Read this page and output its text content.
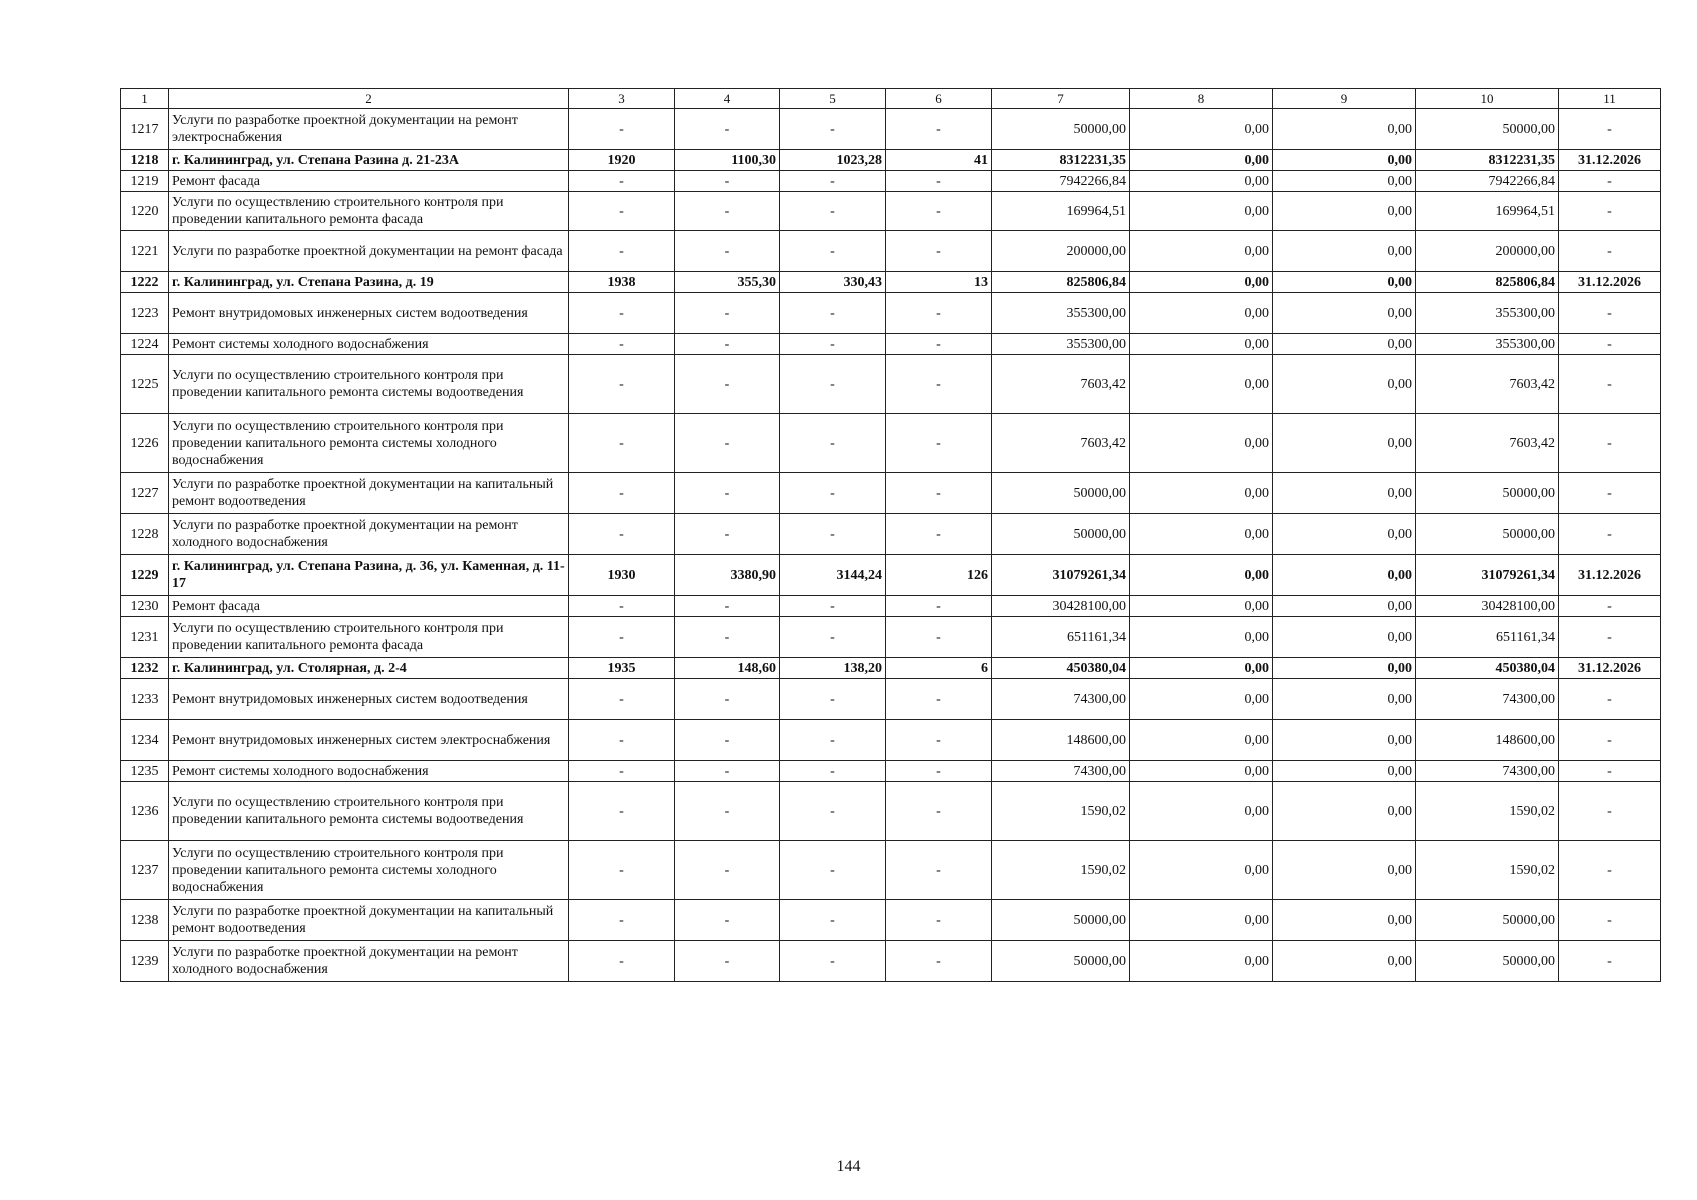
1	2	3	4	5	6	7	8	9	10	11
1217	Услуги по разработке проектной документации на ремонт электроснабжения	-	-	-	-	50000,00	0,00	0,00	50000,00	-
1218	г. Калининград, ул. Степана Разина д. 21-23А	1920	1100,30	1023,28	41	8312231,35	0,00	0,00	8312231,35	31.12.2026
1219	Ремонт фасада	-	-	-	-	7942266,84	0,00	0,00	7942266,84	-
1220	Услуги по осуществлению строительного контроля при проведении капитального ремонта фасада	-	-	-	-	169964,51	0,00	0,00	169964,51	-
1221	Услуги по разработке проектной документации на ремонт фасада	-	-	-	-	200000,00	0,00	0,00	200000,00	-
1222	г. Калининград, ул. Степана Разина, д. 19	1938	355,30	330,43	13	825806,84	0,00	0,00	825806,84	31.12.2026
1223	Ремонт внутридомовых инженерных систем водоотведения	-	-	-	-	355300,00	0,00	0,00	355300,00	-
1224	Ремонт системы холодного водоснабжения	-	-	-	-	355300,00	0,00	0,00	355300,00	-
1225	Услуги по осуществлению строительного контроля при проведении капитального ремонта системы водоотведения	-	-	-	-	7603,42	0,00	0,00	7603,42	-
1226	Услуги по осуществлению строительного контроля при проведении капитального ремонта системы холодного водоснабжения	-	-	-	-	7603,42	0,00	0,00	7603,42	-
1227	Услуги по разработке проектной документации на капитальный ремонт водоотведения	-	-	-	-	50000,00	0,00	0,00	50000,00	-
1228	Услуги по разработке проектной документации на ремонт холодного водоснабжения	-	-	-	-	50000,00	0,00	0,00	50000,00	-
1229	г. Калининград, ул. Степана Разина, д. 36, ул. Каменная, д. 11-17	1930	3380,90	3144,24	126	31079261,34	0,00	0,00	31079261,34	31.12.2026
1230	Ремонт фасада	-	-	-	-	30428100,00	0,00	0,00	30428100,00	-
1231	Услуги по осуществлению строительного контроля при проведении капитального ремонта фасада	-	-	-	-	651161,34	0,00	0,00	651161,34	-
1232	г. Калининград, ул. Столярная, д. 2-4	1935	148,60	138,20	6	450380,04	0,00	0,00	450380,04	31.12.2026
1233	Ремонт внутридомовых инженерных систем водоотведения	-	-	-	-	74300,00	0,00	0,00	74300,00	-
1234	Ремонт внутридомовых инженерных систем электроснабжения	-	-	-	-	148600,00	0,00	0,00	148600,00	-
1235	Ремонт системы холодного водоснабжения	-	-	-	-	74300,00	0,00	0,00	74300,00	-
1236	Услуги по осуществлению строительного контроля при проведении капитального ремонта системы водоотведения	-	-	-	-	1590,02	0,00	0,00	1590,02	-
1237	Услуги по осуществлению строительного контроля при проведении капитального ремонта системы холодного водоснабжения	-	-	-	-	1590,02	0,00	0,00	1590,02	-
1238	Услуги по разработке проектной документации на капитальный ремонт водоотведения	-	-	-	-	50000,00	0,00	0,00	50000,00	-
1239	Услуги по разработке проектной документации на ремонт холодного водоснабжения	-	-	-	-	50000,00	0,00	0,00	50000,00	-
144
